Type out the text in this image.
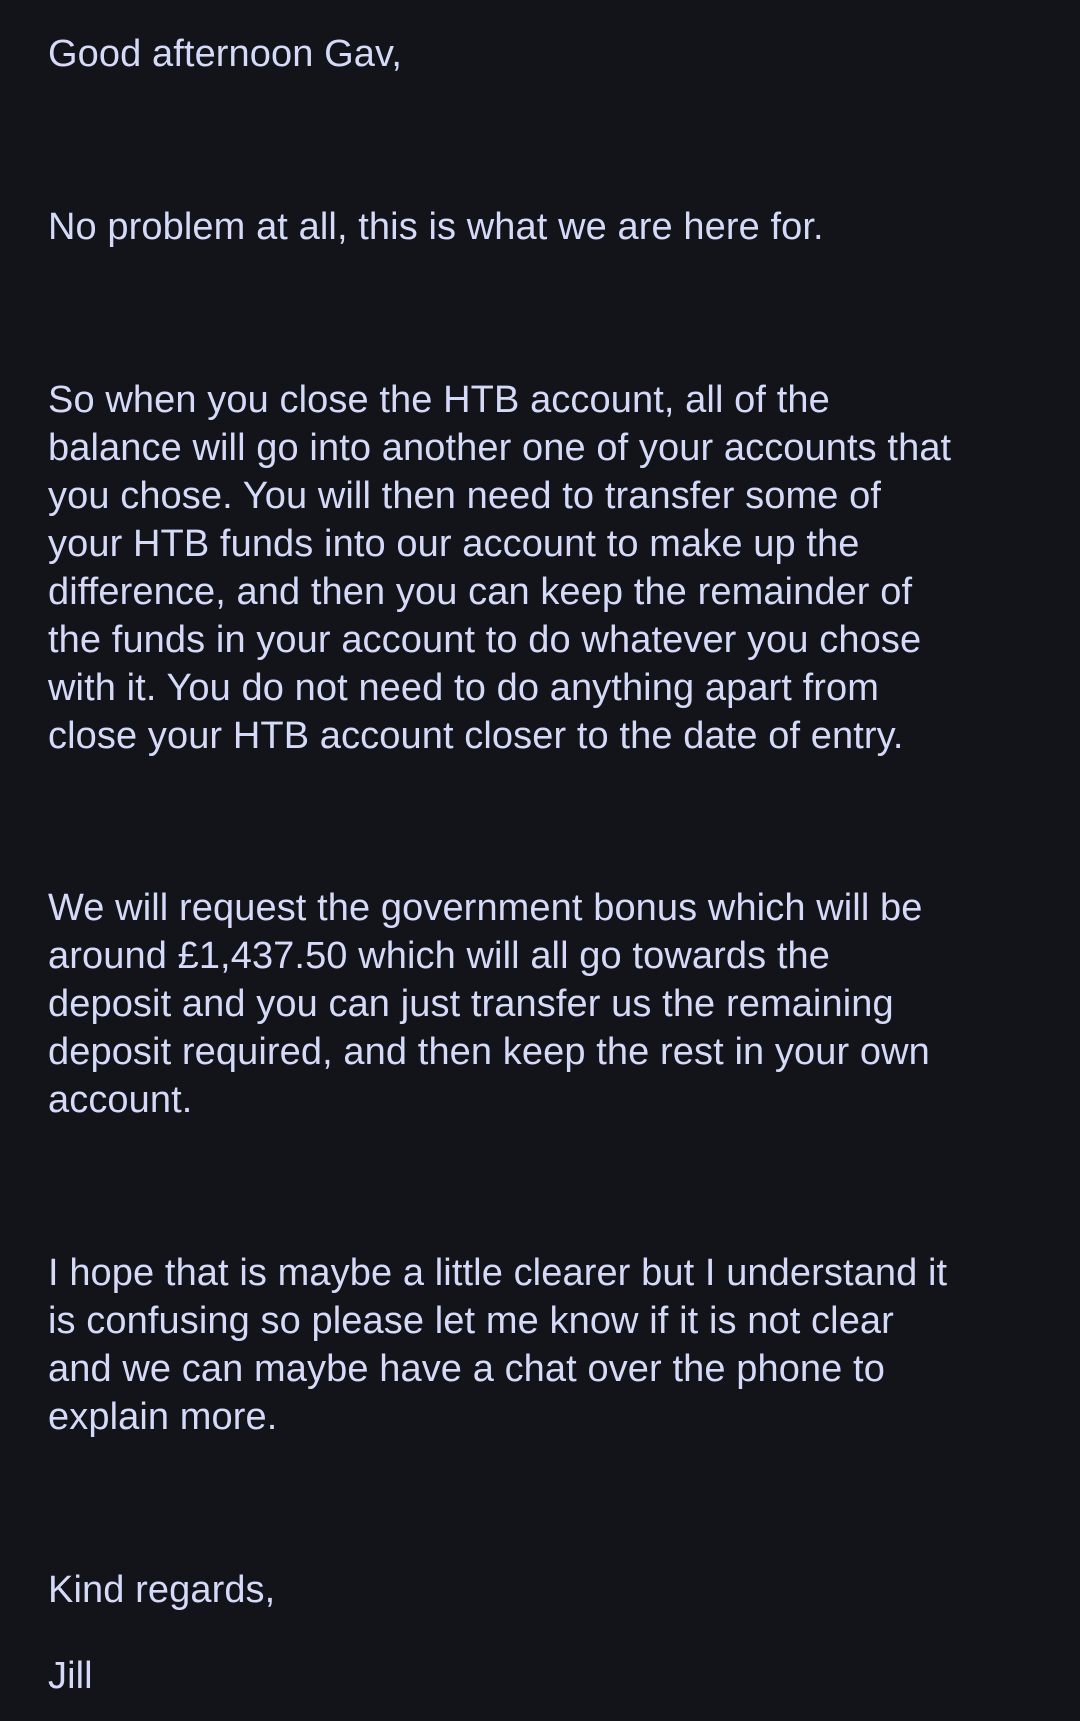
Good afternoon Gav,

No problem at all, this is what we are here for.

So when you close the HTB account, all of the
balance will go into another one of your accounts that
you chose. You will then need to transfer some of
your HTB funds into our account to make up the
difference, and then you can keep the remainder of
the funds in your account to do whatever you chose
with it. You do not need to do anything apart from
close your HTB account closer to the date of entry.

We will request the government bonus which will be
around £1,437.50 which will all go towards the
deposit and you can just transfer us the remaining
deposit required, and then keep the rest in your own
account.

I hope that is maybe a little clearer but I understand it
is confusing so please let me know if it is not clear
and we can maybe have a chat over the phone to
explain more.

Kind regards,

Jill
